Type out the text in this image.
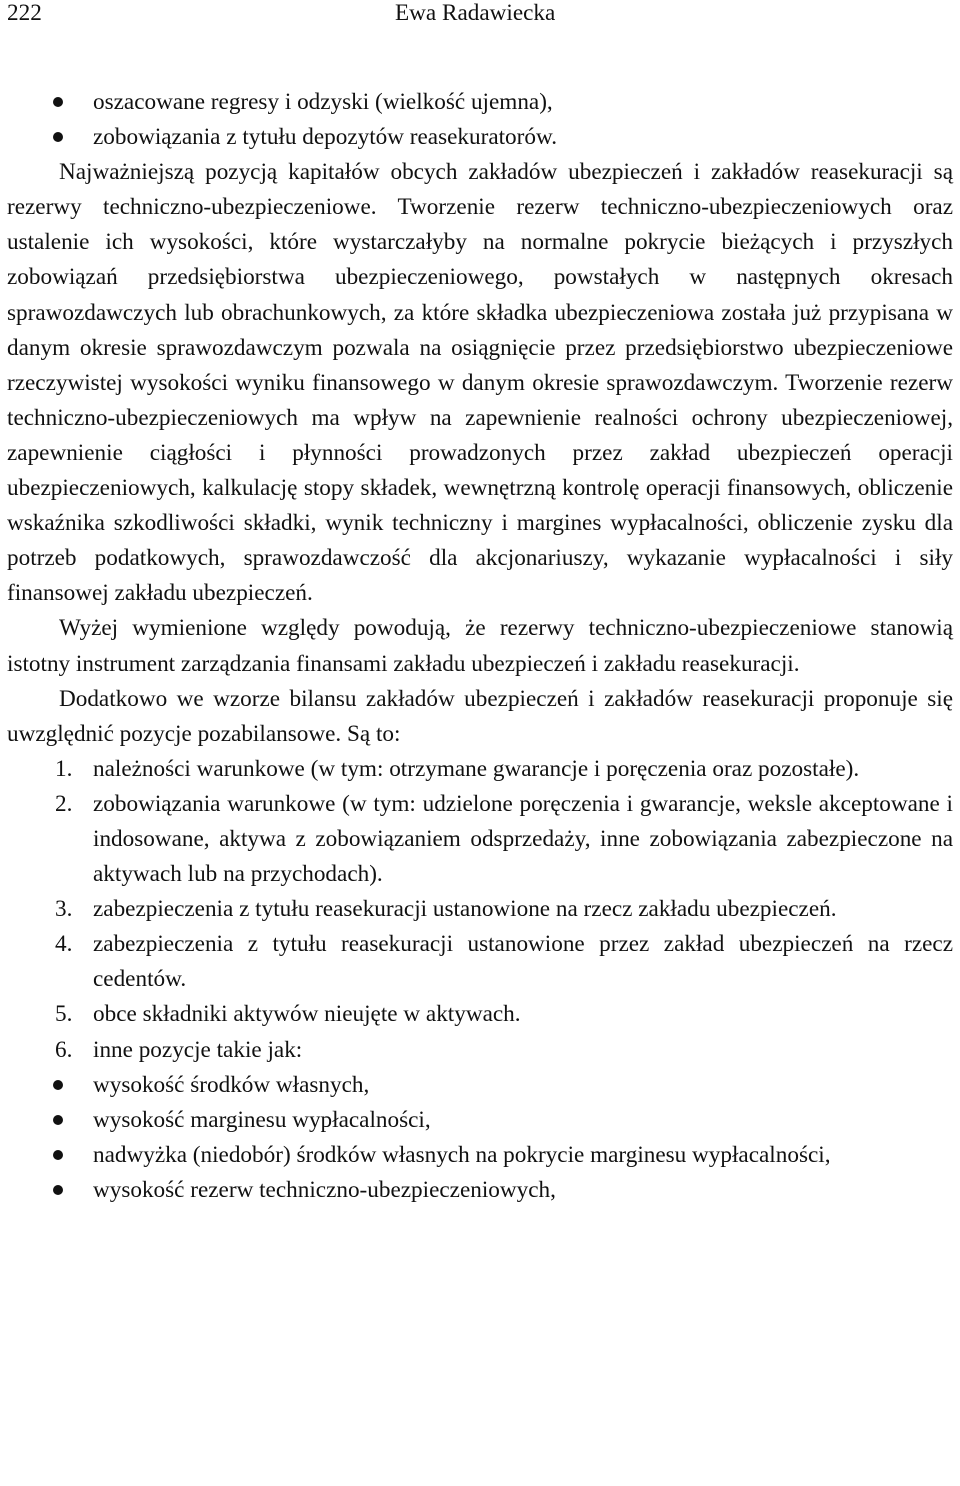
222	Ewa Radawiecka
oszacowane regresy i odzyski (wielkość ujemna),
zobowiązania z tytułu depozytów reasekuratorów.

Najważniejszą pozycją kapitałów obcych zakładów ubezpieczeń i zakładów reasekuracji są rezerwy techniczno-ubezpieczeniowe. Tworzenie rezerw techniczno-ubezpieczeniowych oraz ustalenie ich wysokości, które wystarczałyby na normalne pokrycie bieżących i przyszłych zobowiązań przedsiębiorstwa ubezpieczeniowego, powstałych w następnych okresach sprawozdawczych lub obrachunkowych, za które składka ubezpieczeniowa została już przypisana w danym okresie sprawozdawczym pozwala na osiągnięcie przez przedsiębiorstwo ubezpieczeniowe rzeczywistej wysokości wyniku finansowego w danym okresie sprawozdawczym. Tworzenie rezerw techniczno-ubezpieczeniowych ma wpływ na zapewnienie realności ochrony ubezpieczeniowej, zapewnienie ciągłości i płynności prowadzonych przez zakład ubezpieczeń operacji ubezpieczeniowych, kalkulację stopy składek, wewnętrzną kontrolę operacji finansowych, obliczenie wskaźnika szkodliwości składki, wynik techniczny i margines wypłacalności, obliczenie zysku dla potrzeb podatkowych, sprawozdawczość dla akcjonariuszy, wykazanie wypłacalności i siły finansowej zakładu ubezpieczeń.

Wyżej wymienione względy powodują, że rezerwy techniczno-ubezpieczeniowe stanowią istotny instrument zarządzania finansami zakładu ubezpieczeń i zakładu reasekuracji.

Dodatkowo we wzorze bilansu zakładów ubezpieczeń i zakładów reasekuracji proponuje się uwzględnić pozycje pozabilansowe. Są to:

1. należności warunkowe (w tym: otrzymane gwarancje i poręczenia oraz pozostałe).
2. zobowiązania warunkowe (w tym: udzielone poręczenia i gwarancje, weksle akceptowane i indosowane, aktywa z zobowiązaniem odsprzedaży, inne zobowiązania zabezpieczone na aktywach lub na przychodach).
3. zabezpieczenia z tytułu reasekuracji ustanowione na rzecz zakładu ubezpieczeń.
4. zabezpieczenia z tytułu reasekuracji ustanowione przez zakład ubezpieczeń na rzecz cedentów.
5. obce składniki aktywów nieujęte w aktywach.
6. inne pozycje takie jak:
wysokość środków własnych,
wysokość marginesu wypłacalności,
nadwyżka (niedobór) środków własnych na pokrycie marginesu wypłacalności,
wysokość rezerw techniczno-ubezpieczeniowych,
